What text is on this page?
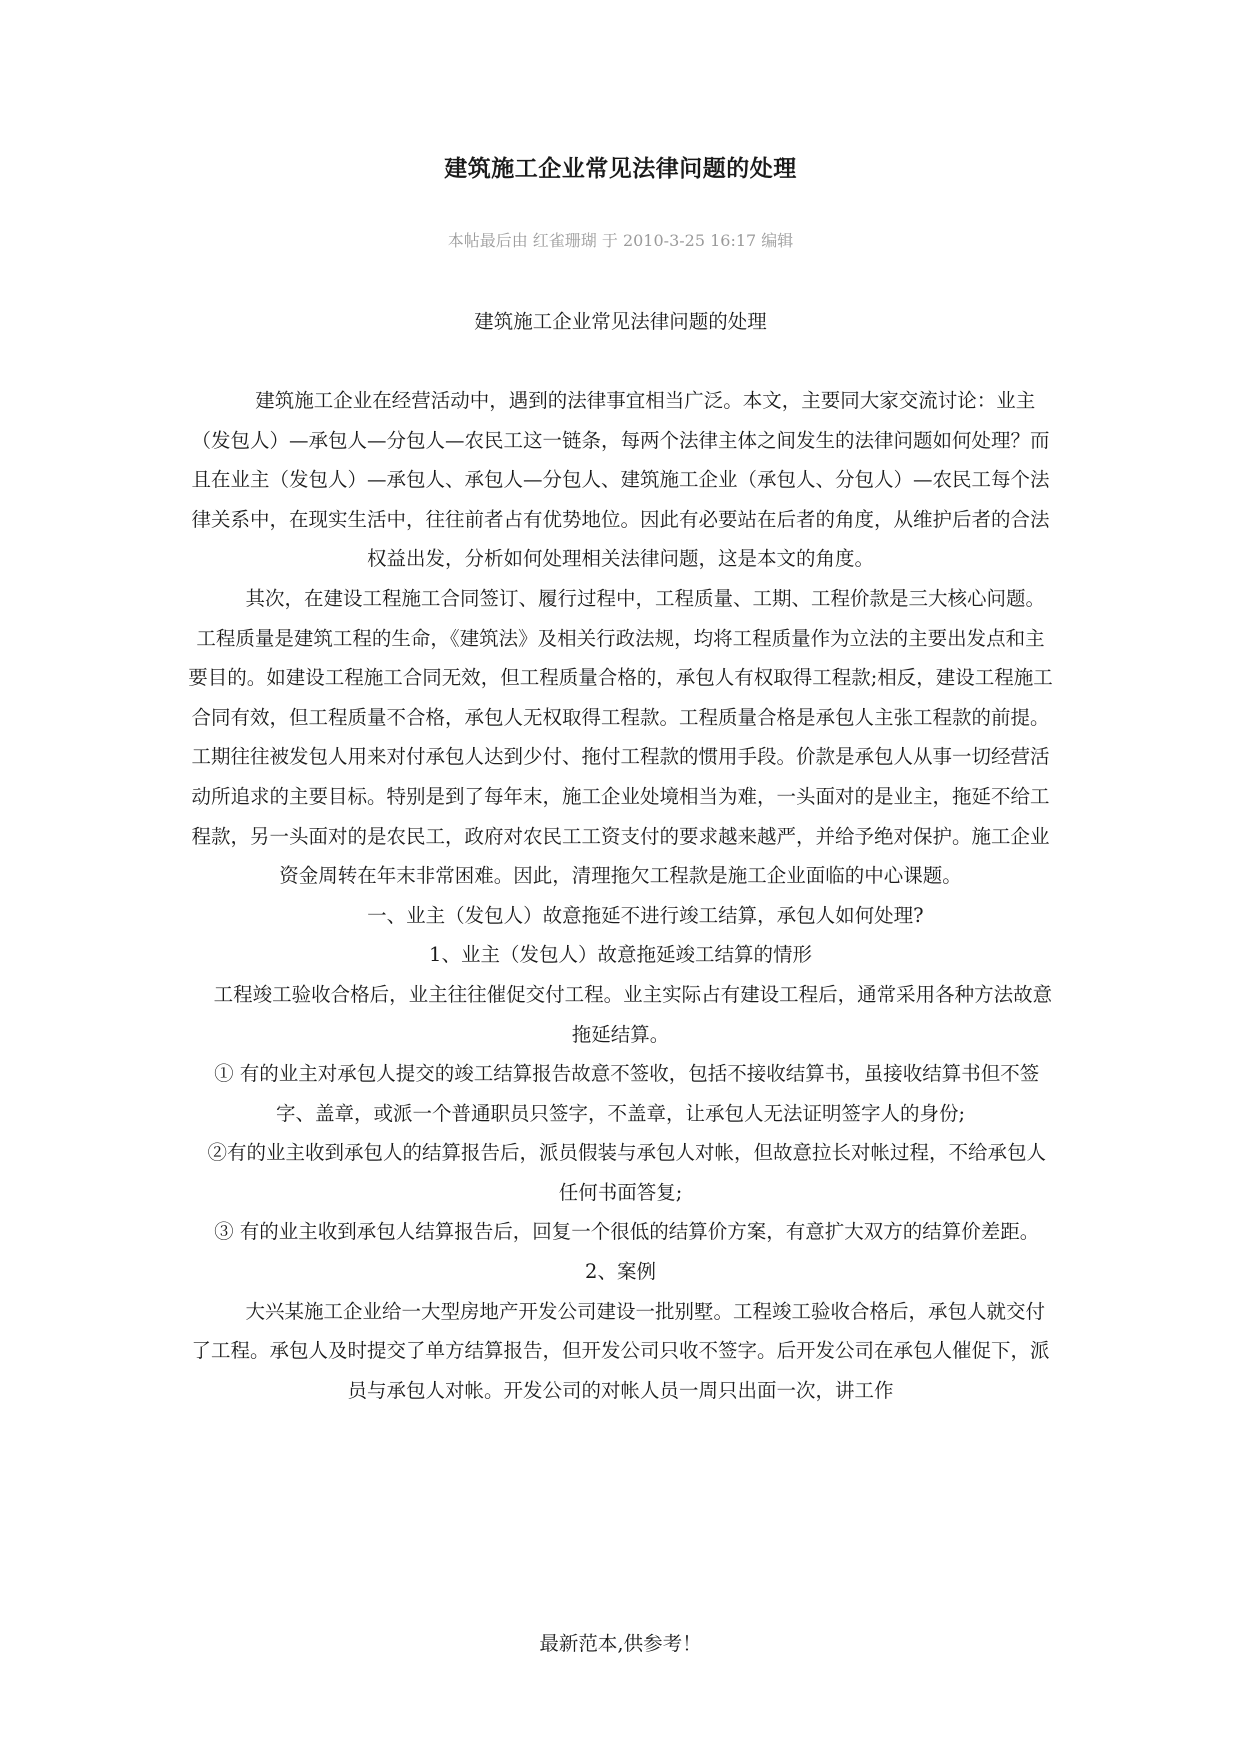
建筑施工企业常见法律问题的处理
本帖最后由 红雀珊瑚 于 2010-3-25 16:17 编辑
建筑施工企业常见法律问题的处理

建筑施工企业在经营活动中，遇到的法律事宜相当广泛。本文，主要同大家交流讨论：业主（发包人）—承包人—分包人—农民工这一链条，每两个法律主体之间发生的法律问题如何处理？而且在业主（发包人）—承包人、承包人—分包人、建筑施工企业（承包人、分包人）—农民工每个法律关系中，在现实生活中，往往前者占有优势地位。因此有必要站在后者的角度，从维护后者的合法权益出发，分析如何处理相关法律问题，这是本文的角度。

其次，在建设工程施工合同签订、履行过程中，工程质量、工期、工程价款是三大核心问题。工程质量是建筑工程的生命，《建筑法》及相关行政法规，均将工程质量作为立法的主要出发点和主要目的。如建设工程施工合同无效，但工程质量合格的，承包人有权取得工程款;相反，建设工程施工合同有效，但工程质量不合格，承包人无权取得工程款。工程质量合格是承包人主张工程款的前提。工期往往被发包人用来对付承包人达到少付、拖付工程款的惯用手段。价款是承包人从事一切经营活动所追求的主要目标。特别是到了每年末，施工企业处境相当为难，一头面对的是业主，拖延不给工程款，另一头面对的是农民工，政府对农民工工资支付的要求越来越严，并给予绝对保护。施工企业资金周转在年末非常困难。因此，清理拖欠工程款是施工企业面临的中心课题。

一、业主（发包人）故意拖延不进行竣工结算，承包人如何处理?

1、业主（发包人）故意拖延竣工结算的情形

工程竣工验收合格后，业主往往催促交付工程。业主实际占有建设工程后，通常采用各种方法故意拖延结算。

① 有的业主对承包人提交的竣工结算报告故意不签收，包括不接收结算书，虽接收结算书但不签字、盖章，或派一个普通职员只签字，不盖章，让承包人无法证明签字人的身份;

②有的业主收到承包人的结算报告后，派员假装与承包人对帐，但故意拉长对帐过程，不给承包人任何书面答复;

③ 有的业主收到承包人结算报告后，回复一个很低的结算价方案，有意扩大双方的结算价差距。

2、案例

大兴某施工企业给一大型房地产开发公司建设一批别墅。工程竣工验收合格后，承包人就交付了工程。承包人及时提交了单方结算报告，但开发公司只收不签字。后开发公司在承包人催促下，派员与承包人对帐。开发公司的对帐人员一周只出面一次，讲工作

最新范本,供参考！
